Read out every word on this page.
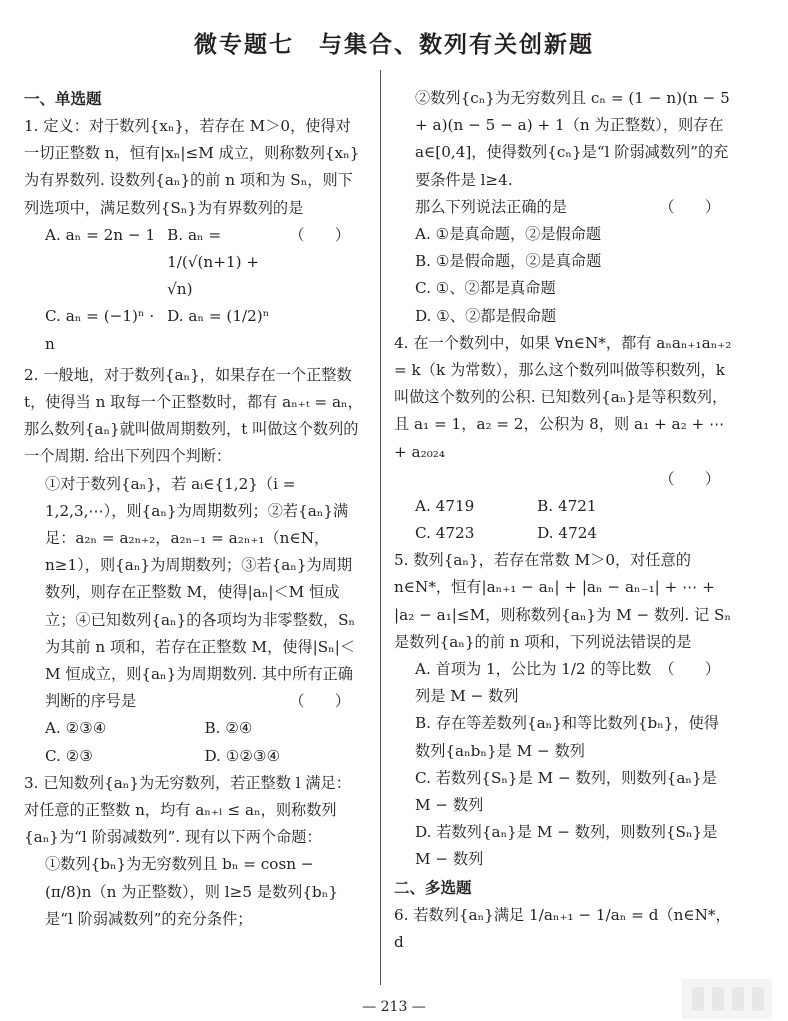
微专题七　与集合、数列有关创新题
一、单选题
1. 定义：对于数列{xₙ}，若存在 M＞0，使得对一切正整数 n，恒有|xₙ|≤M 成立，则称数列{xₙ}为有界数列. 设数列{aₙ}的前 n 项和为 Sₙ，则下列选项中，满足数列{Sₙ}为有界数列的是
（　　）
A. aₙ = 2n − 1 B. aₙ = 1/(√(n+1) + √n)
C. aₙ = (−1)ⁿ · n
D. aₙ = (1/2)ⁿ
2. 一般地，对于数列{aₙ}，如果存在一个正整数 t，使得当 n 取每一个正整数时，都有 aₙ₊ₜ = aₙ，那么数列{aₙ}就叫做周期数列，t 叫做这个数列的一个周期. 给出下列四个判断：
①对于数列{aₙ}，若 aᵢ∈{1,2}（i = 1,2,3,⋯），则{aₙ}为周期数列；②若{aₙ}满足：a₂ₙ = a₂ₙ₊₂，a₂ₙ₋₁ = a₂ₙ₊₁（n∈N，n≥1），则{aₙ}为周期数列；③若{aₙ}为周期数列，则存在正整数 M，使得|aₙ|＜M 恒成立；④已知数列{aₙ}的各项均为非零整数，Sₙ 为其前 n 项和，若存在正整数 M，使得|Sₙ|＜M 恒成立，则{aₙ}为周期数列. 其中所有正确判断的序号是	（　　）
A. ②③④	B. ②④
C. ②③	D. ①②③④
3. 已知数列{aₙ}为无穷数列，若正整数 l 满足：对任意的正整数 n，均有 aₙ₊ₗ ≤ aₙ，则称数列{aₙ}为“l 阶弱减数列”. 现有以下两个命题：
①数列{bₙ}为无穷数列且 bₙ = cosn − (π/8)n（n 为正整数），则 l≥5 是数列{bₙ}是“l 阶弱减数列”的充分条件；
②数列{cₙ}为无穷数列且 cₙ = (1 − n)(n − 5 + a)(n − 5 − a) + 1（n 为正整数），则存在 a∈[0,4]，使得数列{cₙ}是“l 阶弱减数列”的充要条件是 l≥4.
那么下列说法正确的是	（　　）
A. ①是真命题，②是假命题
B. ①是假命题，②是真命题
C. ①、②都是真命题
D. ①、②都是假命题
4. 在一个数列中，如果 ∀n∈N*，都有 aₙaₙ₊₁aₙ₊₂ = k（k 为常数），那么这个数列叫做等积数列，k 叫做这个数列的公积. 已知数列{aₙ}是等积数列，且 a₁ = 1，a₂ = 2，公积为 8，则 a₁ + a₂ + ⋯ + a₂₀₂₄
（　　）
A. 4719	B. 4721
C. 4723	D. 4724
5. 数列{aₙ}，若存在常数 M＞0，对任意的 n∈N*，恒有|aₙ₊₁ − aₙ| + |aₙ − aₙ₋₁| + ⋯ + |a₂ − a₁|≤M，则称数列{aₙ}为 M − 数列. 记 Sₙ 是数列{aₙ}的前 n 项和，下列说法错误的是
（　　）
A. 首项为 1，公比为 1/2 的等比数列是 M − 数列
B. 存在等差数列{aₙ}和等比数列{bₙ}，使得数列{aₙbₙ}是 M − 数列
C. 若数列{Sₙ}是 M − 数列，则数列{aₙ}是 M − 数列
D. 若数列{aₙ}是 M − 数列，则数列{Sₙ}是 M − 数列
二、多选题
6. 若数列{aₙ}满足 1/aₙ₊₁ − 1/aₙ = d（n∈N*，d
— 213 —
